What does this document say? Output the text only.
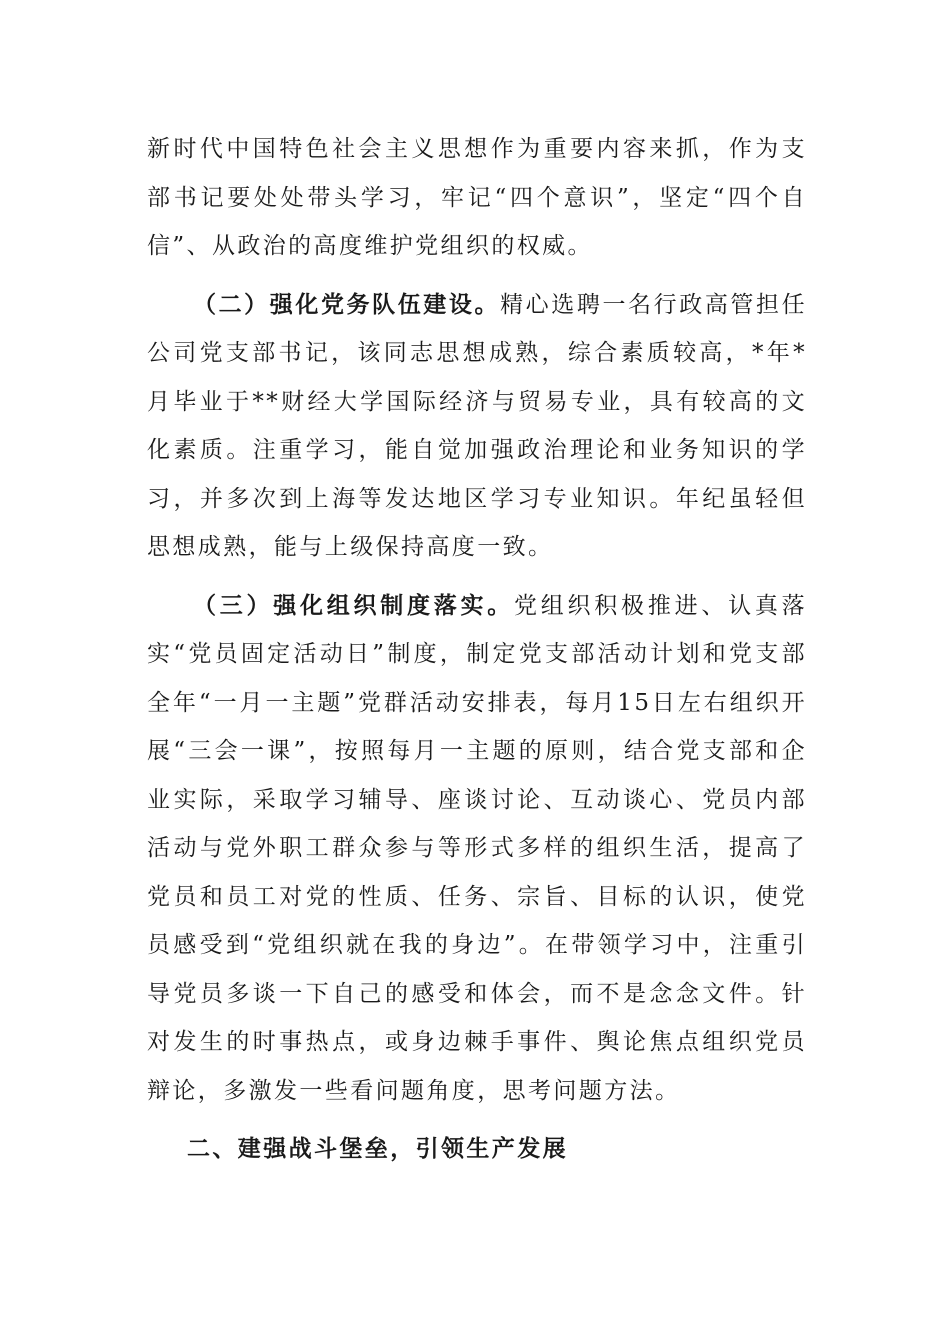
新时代中国特色社会主义思想作为重要内容来抓，作为支部书记要处处带头学习，牢记“四个意识”，坚定“四个自信”、从政治的高度维护党组织的权威。

（二）强化党务队伍建设。精心选聘一名行政高管担任公司党支部书记，该同志思想成熟，综合素质较高，*年*月毕业于**财经大学国际经济与贸易专业，具有较高的文化素质。注重学习，能自觉加强政治理论和业务知识的学习，并多次到上海等发达地区学习专业知识。年纪虽轻但思想成熟，能与上级保持高度一致。

（三）强化组织制度落实。党组织积极推进、认真落实“党员固定活动日”制度，制定党支部活动计划和党支部全年“一月一主题”党群活动安排表，每月15日左右组织开展“三会一课”，按照每月一主题的原则，结合党支部和企业实际，采取学习辅导、座谈讨论、互动谈心、党员内部活动与党外职工群众参与等形式多样的组织生活，提高了党员和员工对党的性质、任务、宗旨、目标的认识，使党员感受到“党组织就在我的身边”。在带领学习中，注重引导党员多谈一下自己的感受和体会，而不是念念文件。针对发生的时事热点，或身边棘手事件、舆论焦点组织党员辩论，多激发一些看问题角度，思考问题方法。

二、建强战斗堡垒，引领生产发展
